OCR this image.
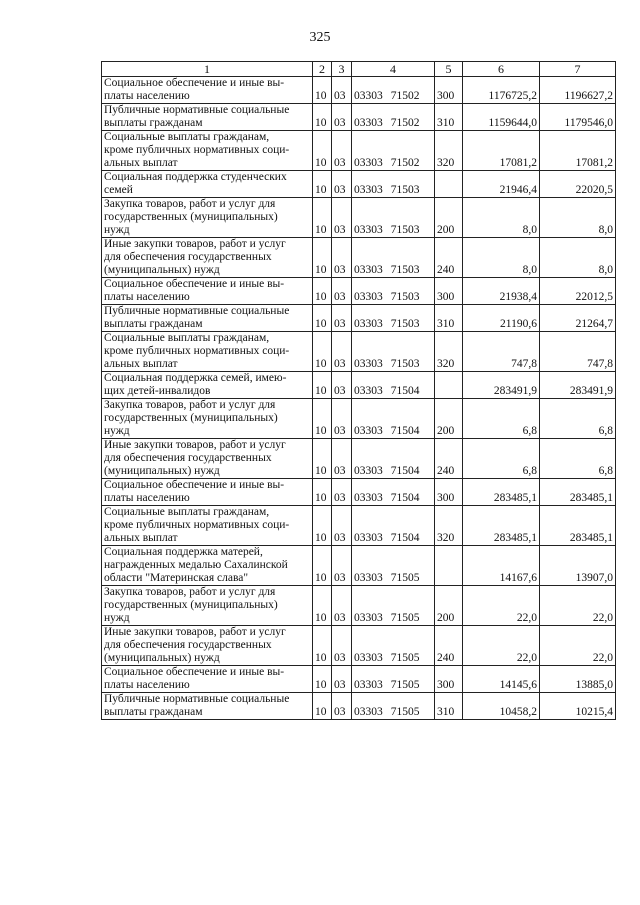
325
1	2	3	4	5	6	7
Социальное обеспечение и иные вы-
платы населению	10	03	03303 71502	300	1176725,2	1196627,2
Публичные нормативные социальные
выплаты гражданам	10	03	03303 71502	310	1159644,0	1179546,0
Социальные выплаты гражданам,
кроме публичных нормативных соци-
альных выплат	10	03	03303 71502	320	17081,2	17081,2
Социальная поддержка студенческих
семей	10	03	03303 71503		21946,4	22020,5
Закупка товаров, работ и услуг для
государственных (муниципальных)
нужд	10	03	03303 71503	200	8,0	8,0
Иные закупки товаров, работ и услуг
для обеспечения государственных
(муниципальных) нужд	10	03	03303 71503	240	8,0	8,0
Социальное обеспечение и иные вы-
платы населению	10	03	03303 71503	300	21938,4	22012,5
Публичные нормативные социальные
выплаты гражданам	10	03	03303 71503	310	21190,6	21264,7
Социальные выплаты гражданам,
кроме публичных нормативных соци-
альных выплат	10	03	03303 71503	320	747,8	747,8
Социальная поддержка семей, имею-
щих детей-инвалидов	10	03	03303 71504		283491,9	283491,9
Закупка товаров, работ и услуг для
государственных (муниципальных)
нужд	10	03	03303 71504	200	6,8	6,8
Иные закупки товаров, работ и услуг
для обеспечения государственных
(муниципальных) нужд	10	03	03303 71504	240	6,8	6,8
Социальное обеспечение и иные вы-
платы населению	10	03	03303 71504	300	283485,1	283485,1
Социальные выплаты гражданам,
кроме публичных нормативных соци-
альных выплат	10	03	03303 71504	320	283485,1	283485,1
Социальная поддержка матерей,
награжденных медалью Сахалинской
области "Материнская слава"	10	03	03303 71505		14167,6	13907,0
Закупка товаров, работ и услуг для
государственных (муниципальных)
нужд	10	03	03303 71505	200	22,0	22,0
Иные закупки товаров, работ и услуг
для обеспечения государственных
(муниципальных) нужд	10	03	03303 71505	240	22,0	22,0
Социальное обеспечение и иные вы-
платы населению	10	03	03303 71505	300	14145,6	13885,0
Публичные нормативные социальные
выплаты гражданам	10	03	03303 71505	310	10458,2	10215,4
